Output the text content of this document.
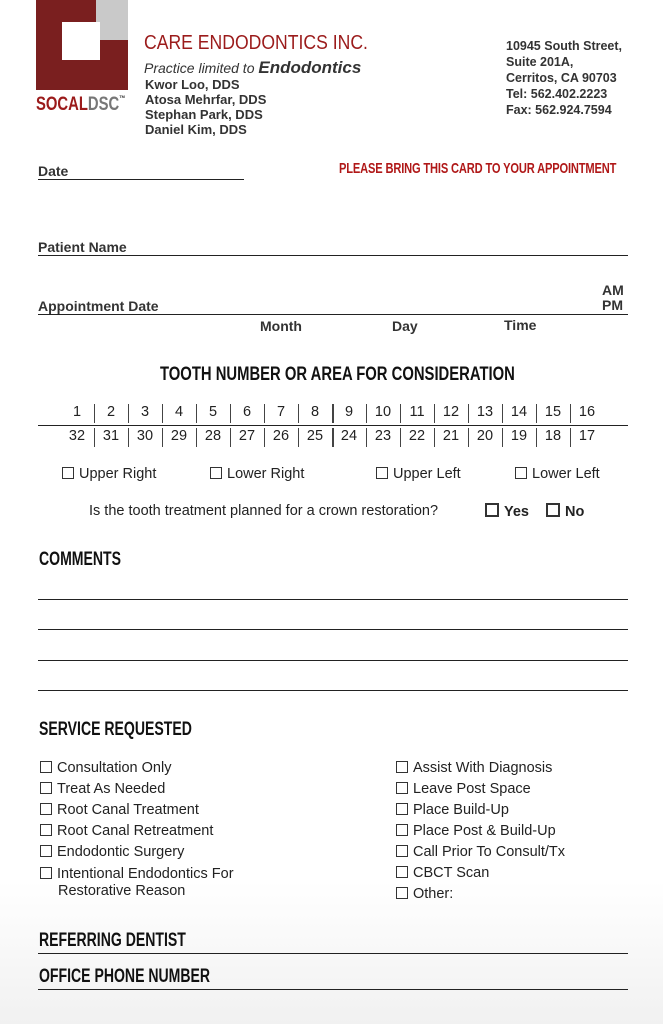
SOCALDSC™
CARE ENDODONTICS INC.
Practice limited to Endodontics
Kwor Loo, DDS
Atosa Mehrfar, DDS
Stephan Park, DDS
Daniel Kim, DDS
10945 South Street,
Suite 201A,
Cerritos, CA 90703
Tel: 562.402.2223
Fax: 562.924.7594
Date	PLEASE BRING THIS CARD TO YOUR APPOINTMENT
Patient Name
Appointment Date
AM
PM
Month	Day	Time
TOOTH NUMBER OR AREA FOR CONSIDERATION
1	2	3	4	5	6	7	8	9	10	11	12	13	14	15	16
32	31	30	29	28	27	26	25	24	23	22	21	20	19	18	17
Upper Right	Lower Right	Upper Left	Lower Left
Is the tooth treatment planned for a crown restoration?	Yes	No
COMMENTS
SERVICE REQUESTED
Consultation Only
Treat As Needed
Root Canal Treatment
Root Canal Retreatment
Endodontic Surgery
Intentional Endodontics For
Restorative Reason
Assist With Diagnosis
Leave Post Space
Place Build-Up
Place Post & Build-Up
Call Prior To Consult/Tx
CBCT Scan
Other:
REFERRING DENTIST
OFFICE PHONE NUMBER
